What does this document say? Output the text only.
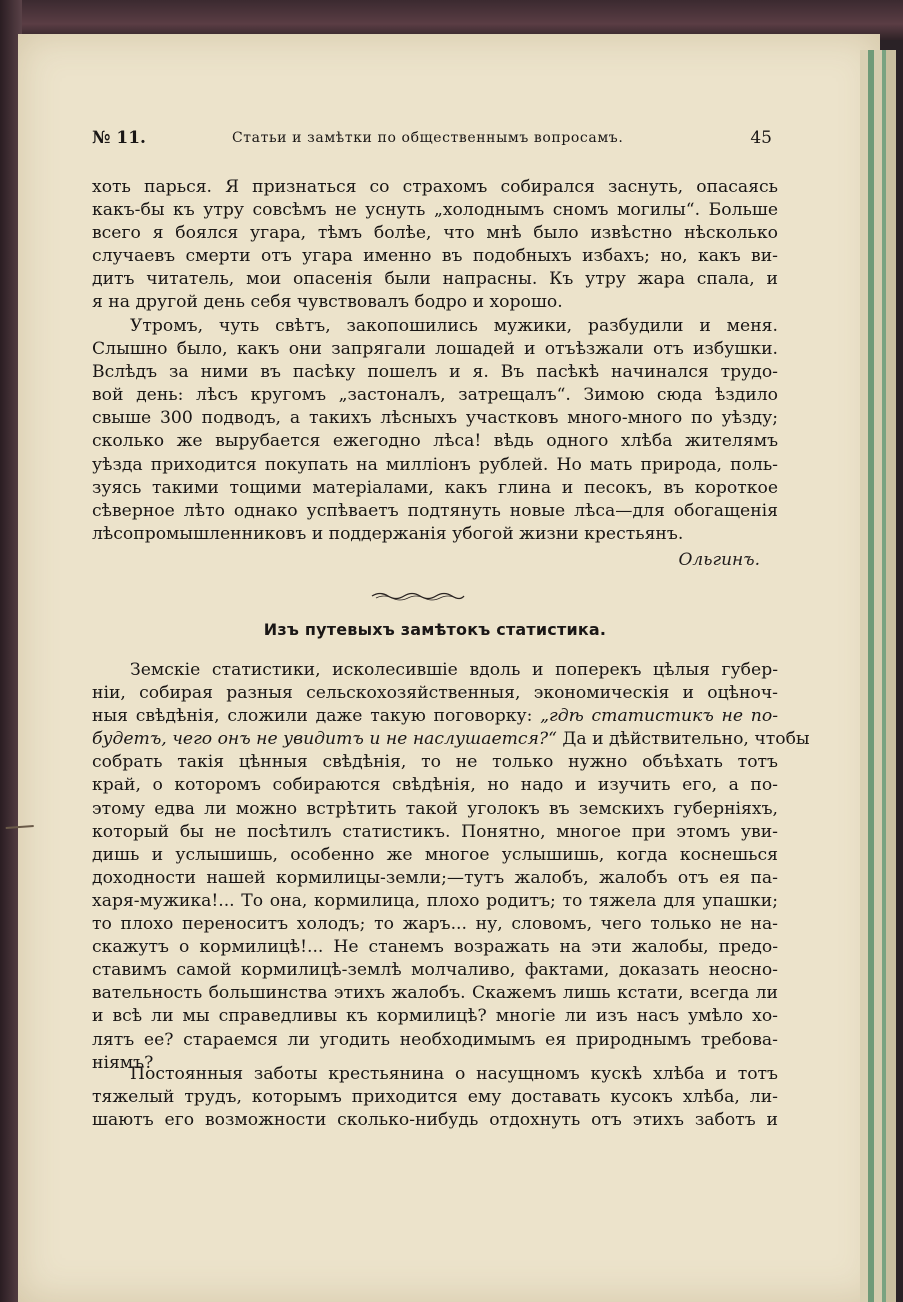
№ 11.	Статьи и замѣтки по общественнымъ вопросамъ.	45
хоть парься. Я признаться со страхомъ собирался заснуть, опасаясь
какъ-бы къ утру совсѣмъ не уснуть „холоднымъ сномъ могилы“. Больше
всего я боялся угара, тѣмъ болѣе, что мнѣ было извѣстно нѣсколько
случаевъ смерти отъ угара именно въ подобныхъ избахъ; но, какъ ви-
дитъ читатель, мои опасенія были напрасны. Къ утру жара спала, и
я на другой день себя чувствовалъ бодро и хорошо.
Утромъ, чуть свѣтъ, закопошились мужики, разбудили и меня.
Слышно было, какъ они запрягали лошадей и отъѣзжали отъ избушки.
Вслѣдъ за ними въ пасѣку пошелъ и я. Въ пасѣкѣ начинался трудо-
вой день: лѣсъ кругомъ „застоналъ, затрещалъ“. Зимою сюда ѣздило
свыше 300 подводъ, а такихъ лѣсныхъ участковъ много-много по уѣзду;
сколько же вырубается ежегодно лѣса! вѣдь одного хлѣба жителямъ
уѣзда приходится покупать на милліонъ рублей. Но мать природа, поль-
зуясь такими тощими матеріалами, какъ глина и песокъ, въ короткое
сѣверное лѣто однако успѣваетъ подтянуть новые лѣса—для обогащенія
лѣсопромышленниковъ и поддержанія убогой жизни крестьянъ.
Ольгинъ.
Изъ путевыхъ замѣтокъ статистика.
Земскіе статистики, исколесившіе вдоль и поперекъ цѣлыя губер-
ніи, собирая разныя сельскохозяйственныя, экономическія и оцѣноч-
ныя свѣдѣнія, сложили даже такую поговорку: „гдѣ статистикъ не по-
будетъ, чего онъ не увидитъ и не наслушается?“ Да и дѣйствительно, чтобы
собрать такія цѣнныя свѣдѣнія, то не только нужно объѣхать тотъ
край, о которомъ собираются свѣдѣнія, но надо и изучить его, а по-
этому едва ли можно встрѣтить такой уголокъ въ земскихъ губерніяхъ,
который бы не посѣтилъ статистикъ. Понятно, многое при этомъ уви-
дишь и услышишь, особенно же многое услышишь, когда коснешься
доходности нашей кормилицы-земли;—тутъ жалобъ, жалобъ отъ ея па-
харя-мужика!... То она, кормилица, плохо родитъ; то тяжела для упашки;
то плохо переноситъ холодъ; то жаръ... ну, словомъ, чего только не на-
скажутъ о кормилицѣ!... Не станемъ возражать на эти жалобы, предо-
ставимъ самой кормилицѣ-землѣ молчаливо, фактами, доказать неосно-
вательность большинства этихъ жалобъ. Скажемъ лишь кстати, всегда ли
и всѣ ли мы справедливы къ кормилицѣ? многіе ли изъ насъ умѣло хо-
лятъ ее? стараемся ли угодить необходимымъ ея природнымъ требова-
ніямъ?
Постоянныя заботы крестьянина о насущномъ кускѣ хлѣба и тотъ
тяжелый трудъ, которымъ приходится ему доставать кусокъ хлѣба, ли-
шаютъ его возможности сколько-нибудь отдохнуть отъ этихъ заботъ и
